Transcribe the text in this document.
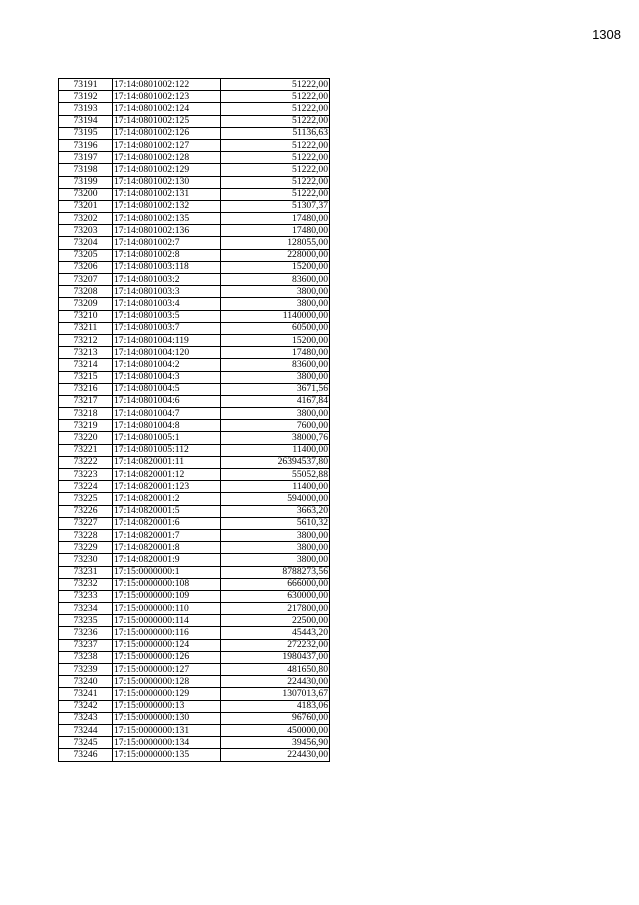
1308
73191	17:14:0801002:122	51222,00
73192	17:14:0801002:123	51222,00
73193	17:14:0801002:124	51222,00
73194	17:14:0801002:125	51222,00
73195	17:14:0801002:126	51136,63
73196	17:14:0801002:127	51222,00
73197	17:14:0801002:128	51222,00
73198	17:14:0801002:129	51222,00
73199	17:14:0801002:130	51222,00
73200	17:14:0801002:131	51222,00
73201	17:14:0801002:132	51307,37
73202	17:14:0801002:135	17480,00
73203	17:14:0801002:136	17480,00
73204	17:14:0801002:7	128055,00
73205	17:14:0801002:8	228000,00
73206	17:14:0801003:118	15200,00
73207	17:14:0801003:2	83600,00
73208	17:14:0801003:3	3800,00
73209	17:14:0801003:4	3800,00
73210	17:14:0801003:5	1140000,00
73211	17:14:0801003:7	60500,00
73212	17:14:0801004:119	15200,00
73213	17:14:0801004:120	17480,00
73214	17:14:0801004:2	83600,00
73215	17:14:0801004:3	3800,00
73216	17:14:0801004:5	3671,56
73217	17:14:0801004:6	4167,84
73218	17:14:0801004:7	3800,00
73219	17:14:0801004:8	7600,00
73220	17:14:0801005:1	38000,76
73221	17:14:0801005:112	11400,00
73222	17:14:0820001:11	26394537,80
73223	17:14:0820001:12	55052,88
73224	17:14:0820001:123	11400,00
73225	17:14:0820001:2	594000,00
73226	17:14:0820001:5	3663,20
73227	17:14:0820001:6	5610,32
73228	17:14:0820001:7	3800,00
73229	17:14:0820001:8	3800,00
73230	17:14:0820001:9	3800,00
73231	17:15:0000000:1	8788273,56
73232	17:15:0000000:108	666000,00
73233	17:15:0000000:109	630000,00
73234	17:15:0000000:110	217800,00
73235	17:15:0000000:114	22500,00
73236	17:15:0000000:116	45443,20
73237	17:15:0000000:124	272232,00
73238	17:15:0000000:126	1980437,00
73239	17:15:0000000:127	481650,80
73240	17:15:0000000:128	224430,00
73241	17:15:0000000:129	1307013,67
73242	17:15:0000000:13	4183,06
73243	17:15:0000000:130	96760,00
73244	17:15:0000000:131	450000,00
73245	17:15:0000000:134	39456,90
73246	17:15:0000000:135	224430,00
